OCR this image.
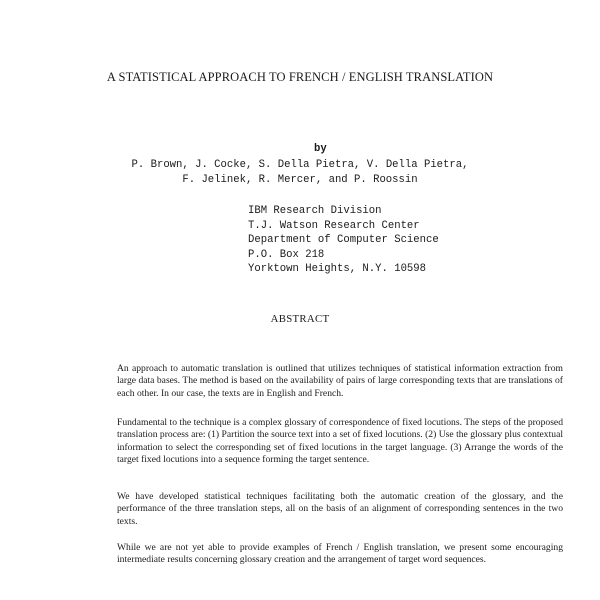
A STATISTICAL APPROACH TO FRENCH / ENGLISH TRANSLATION
by
P. Brown, J. Cocke, S. Della Pietra, V. Della Pietra,
F. Jelinek, R. Mercer, and P. Roossin
IBM Research Division
T.J. Watson Research Center
Department of Computer Science
P.O. Box 218
Yorktown Heights, N.Y. 10598
ABSTRACT

An approach to automatic translation is outlined that utilizes techniques of statistical information extraction from large data bases. The method is based on the availability of pairs of large corresponding texts that are translations of each other. In our case, the texts are in English and French.

Fundamental to the technique is a complex glossary of correspondence of fixed locutions. The steps of the proposed translation process are: (1) Partition the source text into a set of fixed locutions. (2) Use the glossary plus contextual information to select the corresponding set of fixed locutions in the target language. (3) Arrange the words of the target fixed locutions into a sequence forming the target sentence.

We have developed statistical techniques facilitating both the automatic creation of the glossary, and the performance of the three translation steps, all on the basis of an alignment of corresponding sentences in the two texts.

While we are not yet able to provide examples of French / English translation, we present some encouraging intermediate results concerning glossary creation and the arrangement of target word sequences.
